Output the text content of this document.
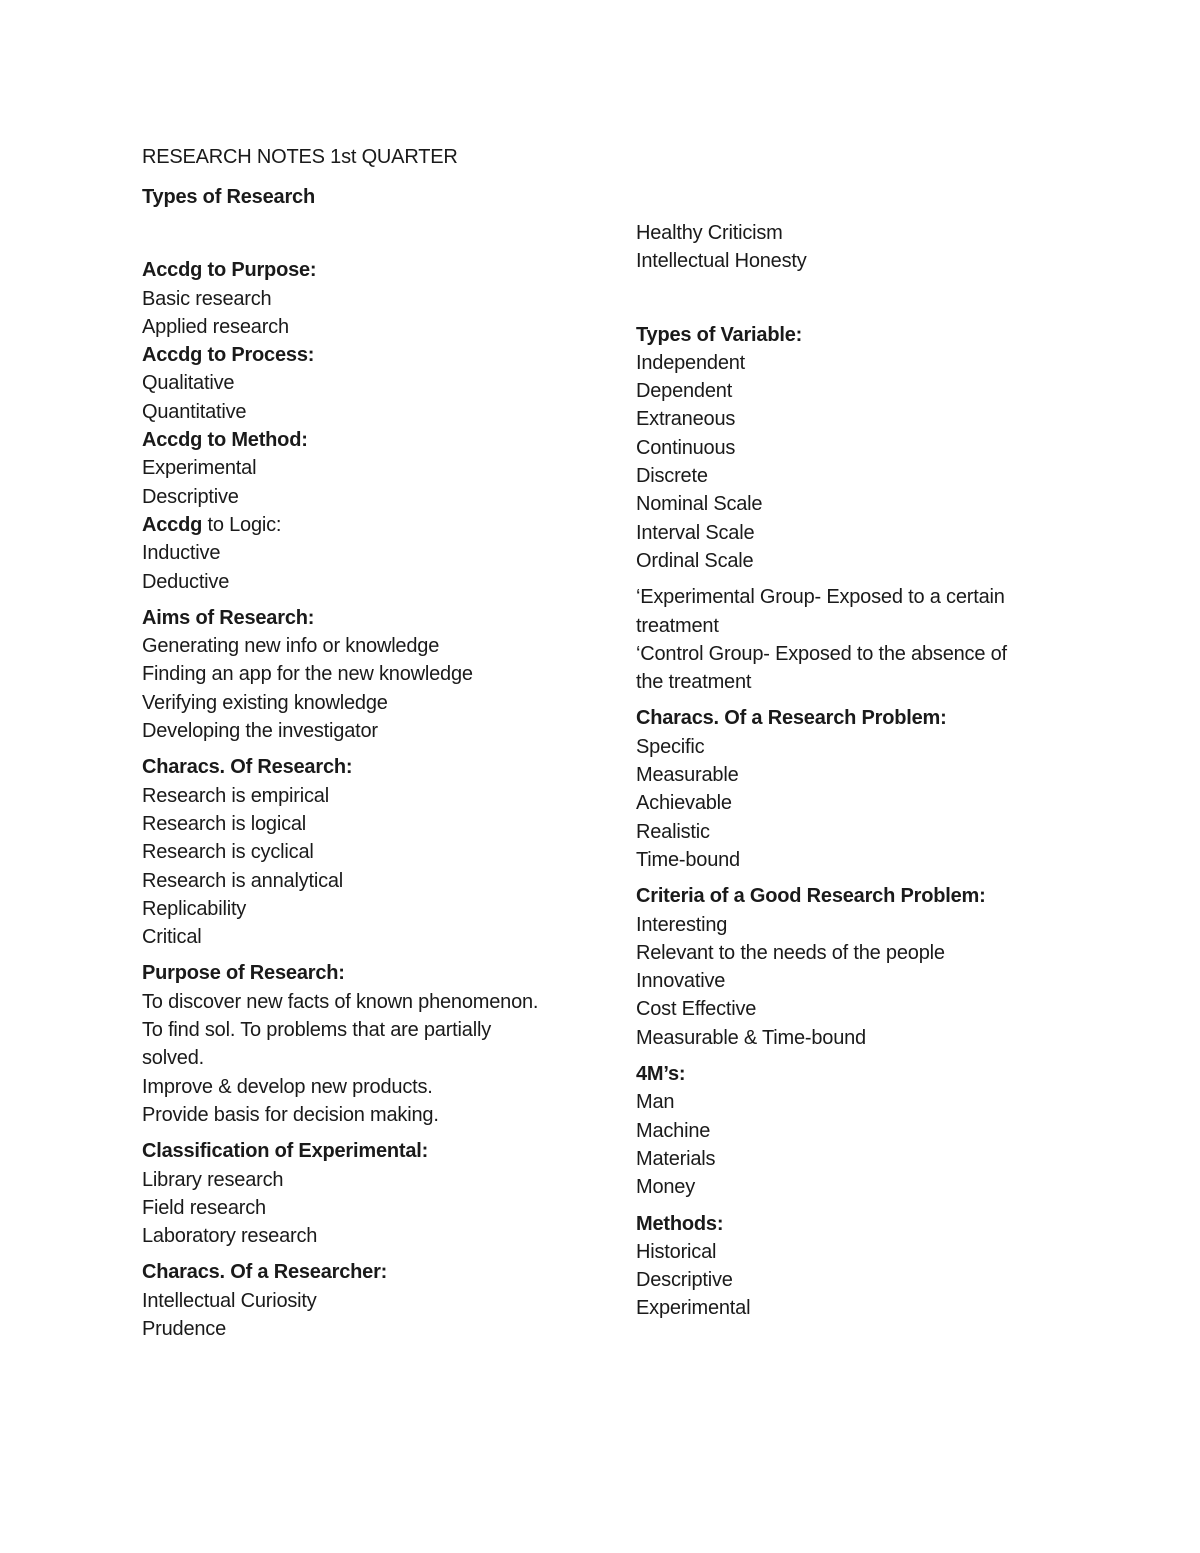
RESEARCH NOTES 1st QUARTER
Types of Research
Accdg to Purpose:
Basic research
Applied research
Accdg to Process:
Qualitative
Quantitative
Accdg to Method:
Experimental
Descriptive
Accdg to Logic:
Inductive
Deductive
Aims of Research:
Generating new info or knowledge
Finding an app for the new knowledge
Verifying existing knowledge
Developing the investigator
Characs. Of Research:
Research is empirical
Research is logical
Research is cyclical
Research is annalytical
Replicability
Critical
Purpose of Research:
To discover new facts of known phenomenon.
To find sol. To problems that are partially solved.
Improve & develop new products.
Provide basis for decision making.
Classification of Experimental:
Library research
Field research
Laboratory research
Characs. Of a Researcher:
Intellectual Curiosity
Prudence
Healthy Criticism
Intellectual Honesty
Types of Variable:
Independent
Dependent
Extraneous
Continuous
Discrete
Nominal Scale
Interval Scale
Ordinal Scale
‘Experimental Group- Exposed to a certain treatment
‘Control Group- Exposed to the absence of the treatment
Characs. Of a Research Problem:
Specific
Measurable
Achievable
Realistic
Time-bound
Criteria of a Good Research Problem:
Interesting
Relevant to the needs of the people
Innovative
Cost Effective
Measurable & Time-bound
4M’s:
Man
Machine
Materials
Money
Methods:
Historical
Descriptive
Experimental
